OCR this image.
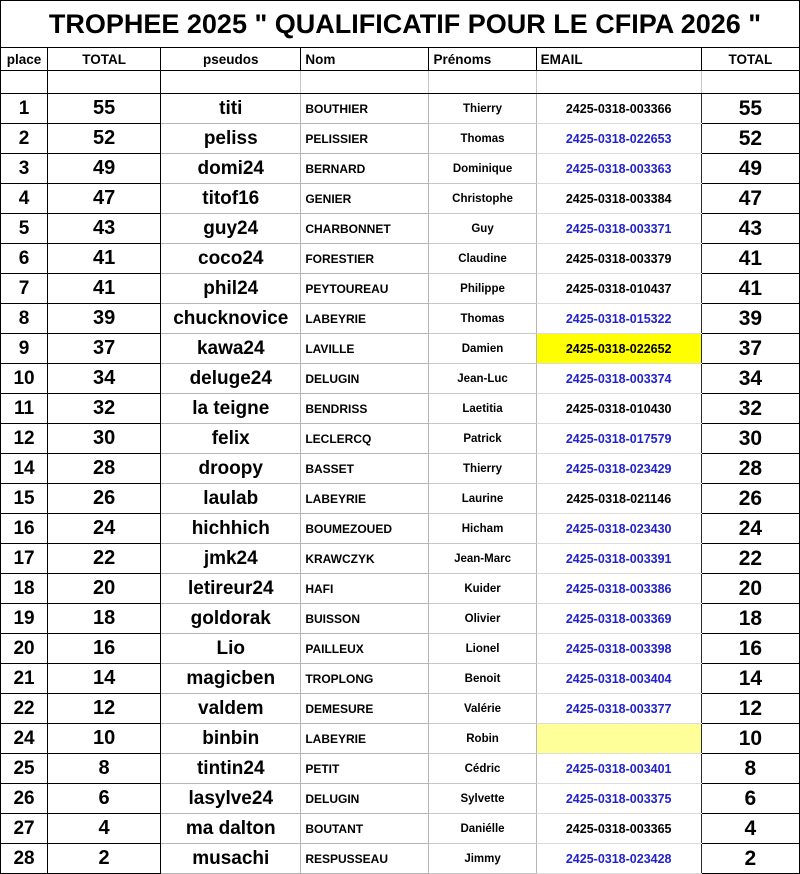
TROPHEE 2025 " QUALIFICATIF POUR LE CFIPA 2026 "						
place	TOTAL	pseudos	Nom	Prénoms	EMAIL	TOTAL

1	55	titi	BOUTHIER	Thierry	2425-0318-003366	55
2	52	peliss	PELISSIER	Thomas	2425-0318-022653	52
3	49	domi24	BERNARD	Dominique	2425-0318-003363	49
4	47	titof16	GENIER	Christophe	2425-0318-003384	47
5	43	guy24	CHARBONNET	Guy	2425-0318-003371	43
6	41	coco24	FORESTIER	Claudine	2425-0318-003379	41
7	41	phil24	PEYTOUREAU	Philippe	2425-0318-010437	41
8	39	chucknovice	LABEYRIE	Thomas	2425-0318-015322	39
9	37	kawa24	LAVILLE	Damien	2425-0318-022652	37
10	34	deluge24	DELUGIN	Jean-Luc	2425-0318-003374	34
11	32	la teigne	BENDRISS	Laetitia	2425-0318-010430	32
12	30	felix	LECLERCQ	Patrick	2425-0318-017579	30
14	28	droopy	BASSET	Thierry	2425-0318-023429	28
15	26	laulab	LABEYRIE	Laurine	2425-0318-021146	26
16	24	hichhich	BOUMEZOUED	Hicham	2425-0318-023430	24
17	22	jmk24	KRAWCZYK	Jean-Marc	2425-0318-003391	22
18	20	letireur24	HAFI	Kuider	2425-0318-003386	20
19	18	goldorak	BUISSON	Olivier	2425-0318-003369	18
20	16	Lio	PAILLEUX	Lionel	2425-0318-003398	16
21	14	magicben	TROPLONG	Benoit	2425-0318-003404	14
22	12	valdem	DEMESURE	Valérie	2425-0318-003377	12
24	10	binbin	LABEYRIE	Robin		10
25	8	tintin24	PETIT	Cédric	2425-0318-003401	8
26	6	lasylve24	DELUGIN	Sylvette	2425-0318-003375	6
27	4	ma dalton	BOUTANT	Daniélle	2425-0318-003365	4
28	2	musachi	RESPUSSEAU	Jimmy	2425-0318-023428	2
